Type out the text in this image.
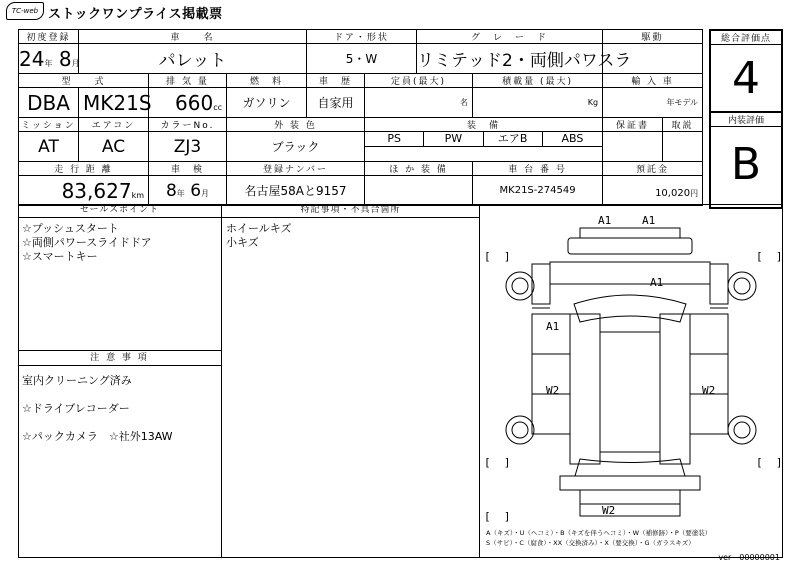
TC-web ストックワンプライス掲載票
初度登録	車　　名			ドア・形状		グ　レ　ー　ド		駆動	
24年 8月	パレット			5・W		リミテッド2・両側パワスラ			
型　　式		排 気 量	燃　料	車　歴	定員(最大)		積載量 (最大)	輸 入 車	
DBA	MK21S	660cc	ガソリン	自家用	名		Kg	年モデル	
ミッション	エアコン	カラーNo.	外 装 色		装　備			保証書	取説
AT	AC	ZJ3	ブラック		PS PW エアB ABS				

走 行 距 離		車　検	登録ナンバー		ほ か 装 備		車 台 番 号	預託金	
83,627km		8年 6月	名古屋58Aと9157				MK21S-274549	10,020円	
総合評価点
4
内装評価
B
セールスポイント
☆プッシュスタート
☆両側パワースライドドア
☆スマートキー
注 意 事 項
室内クリーニング済み
☆ドライブレコーダー
☆パックカメラ　☆社外13AW
特記事項・不具合箇所
ホイールキズ
小キズ
A1	A1
A1
A1
W2	W2
W2
[  ]	[  ]
[  ]	[  ]
[  ]
A（キズ）・U（ヘコミ）・B（キズを伴うヘコミ）・W（補修跡）・P（要塗装）
S（サビ）・C（腐食）・XX（交換済み）・X（要交換）・G（ガラスキズ）
ver　00000001
